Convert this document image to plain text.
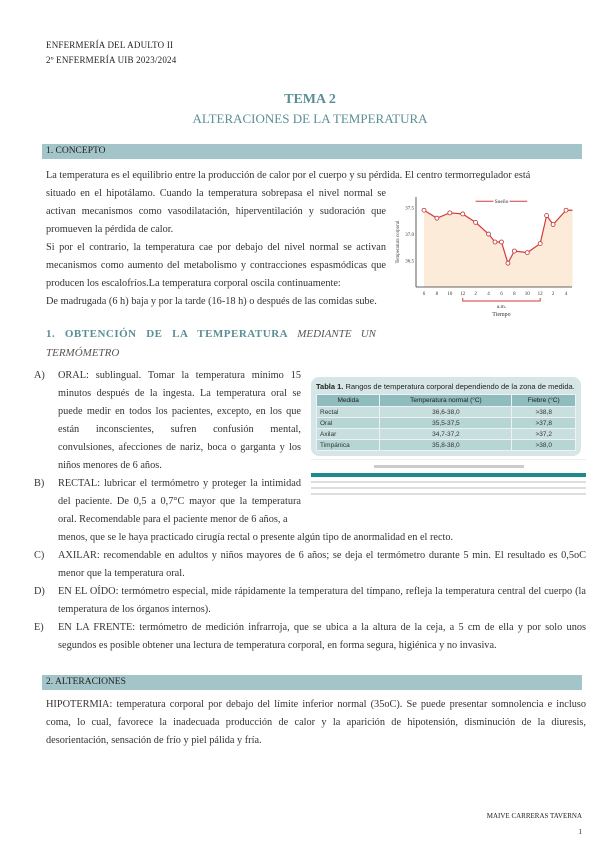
ENFERMERÍA DEL ADULTO II
2º ENFERMERÍA UIB 2023/2024
TEMA 2
ALTERACIONES DE LA TEMPERATURA
1. CONCEPTO
La temperatura es el equilibrio entre la producción de calor por el cuerpo y su pérdida. El centro termorregulador está
37.5
37.0
36.5
6 8 10 12 2 4 6 8 10 12 2 4
Temperatura corporal
Sueño
a.m.
Tiempo
situado en el hipotálamo. Cuando la temperatura sobrepasa el nivel normal se activan mecanismos como vasodilatación, hiperventilación y sudoración que promueven la pérdida de calor.
Si por el contrario, la temperatura cae por debajo del nivel normal se activan mecanismos como aumento del metabolismo y contracciones espasmódicas que producen los escalofríos.La temperatura corporal oscila continuamente:
De madrugada (6 h) baja y por la tarde (16-18 h) o después de las comidas sube.
1. OBTENCIÓN DE LA TEMPERATURA MEDIANTE UN TERMÓMETRO
Tabla 1. Rangos de temperatura corporal dependiendo de la zona de medida.
Medida	Temperatura normal (°C)	Fiebre (°C)
Rectal	36,6-38,0	>38,8
Oral	35,5-37,5	>37,8
Axilar	34,7-37,2	>37,2
Timpánica	35,8-38,0	>38,0
A)	ORAL: sublingual. Tomar la temperatura mínimo 15 minutos después de la ingesta. La temperatura oral se puede medir en todos los pacientes, excepto, en los que están inconscientes, sufren confusión mental, convulsiones, afecciones de nariz, boca o garganta y los niños menores de 6 años.
B)	RECTAL: lubricar el termómetro y proteger la intimidad del paciente. De 0,5 a 0,7°C mayor que la temperatura oral. Recomendable para el paciente menor de 6 años, a
menos, que se le haya practicado cirugía rectal o presente algún tipo de anormalidad en el recto.
C)	AXILAR: recomendable en adultos y niños mayores de 6 años; se deja el termómetro durante 5 min. El resultado es 0,5oC menor que la temperatura oral.
D)	EN EL OÍDO: termómetro especial, mide rápidamente la temperatura del tímpano, refleja la temperatura central del cuerpo (la temperatura de los órganos internos).
E)	EN LA FRENTE: termómetro de medición infrarroja, que se ubica a la altura de la ceja, a 5 cm de ella y por solo unos segundos es posible obtener una lectura de temperatura corporal, en forma segura, higiénica y no invasiva.
2. ALTERACIONES
HIPOTERMIA: temperatura corporal por debajo del límite inferior normal (35oC). Se puede presentar somnolencia e incluso coma, lo cual, favorece la inadecuada producción de calor y la aparición de hipotensión, disminución de la diuresis, desorientación, sensación de frío y piel pálida y fría.
MAIVE CARRERAS TAVERNA
1
